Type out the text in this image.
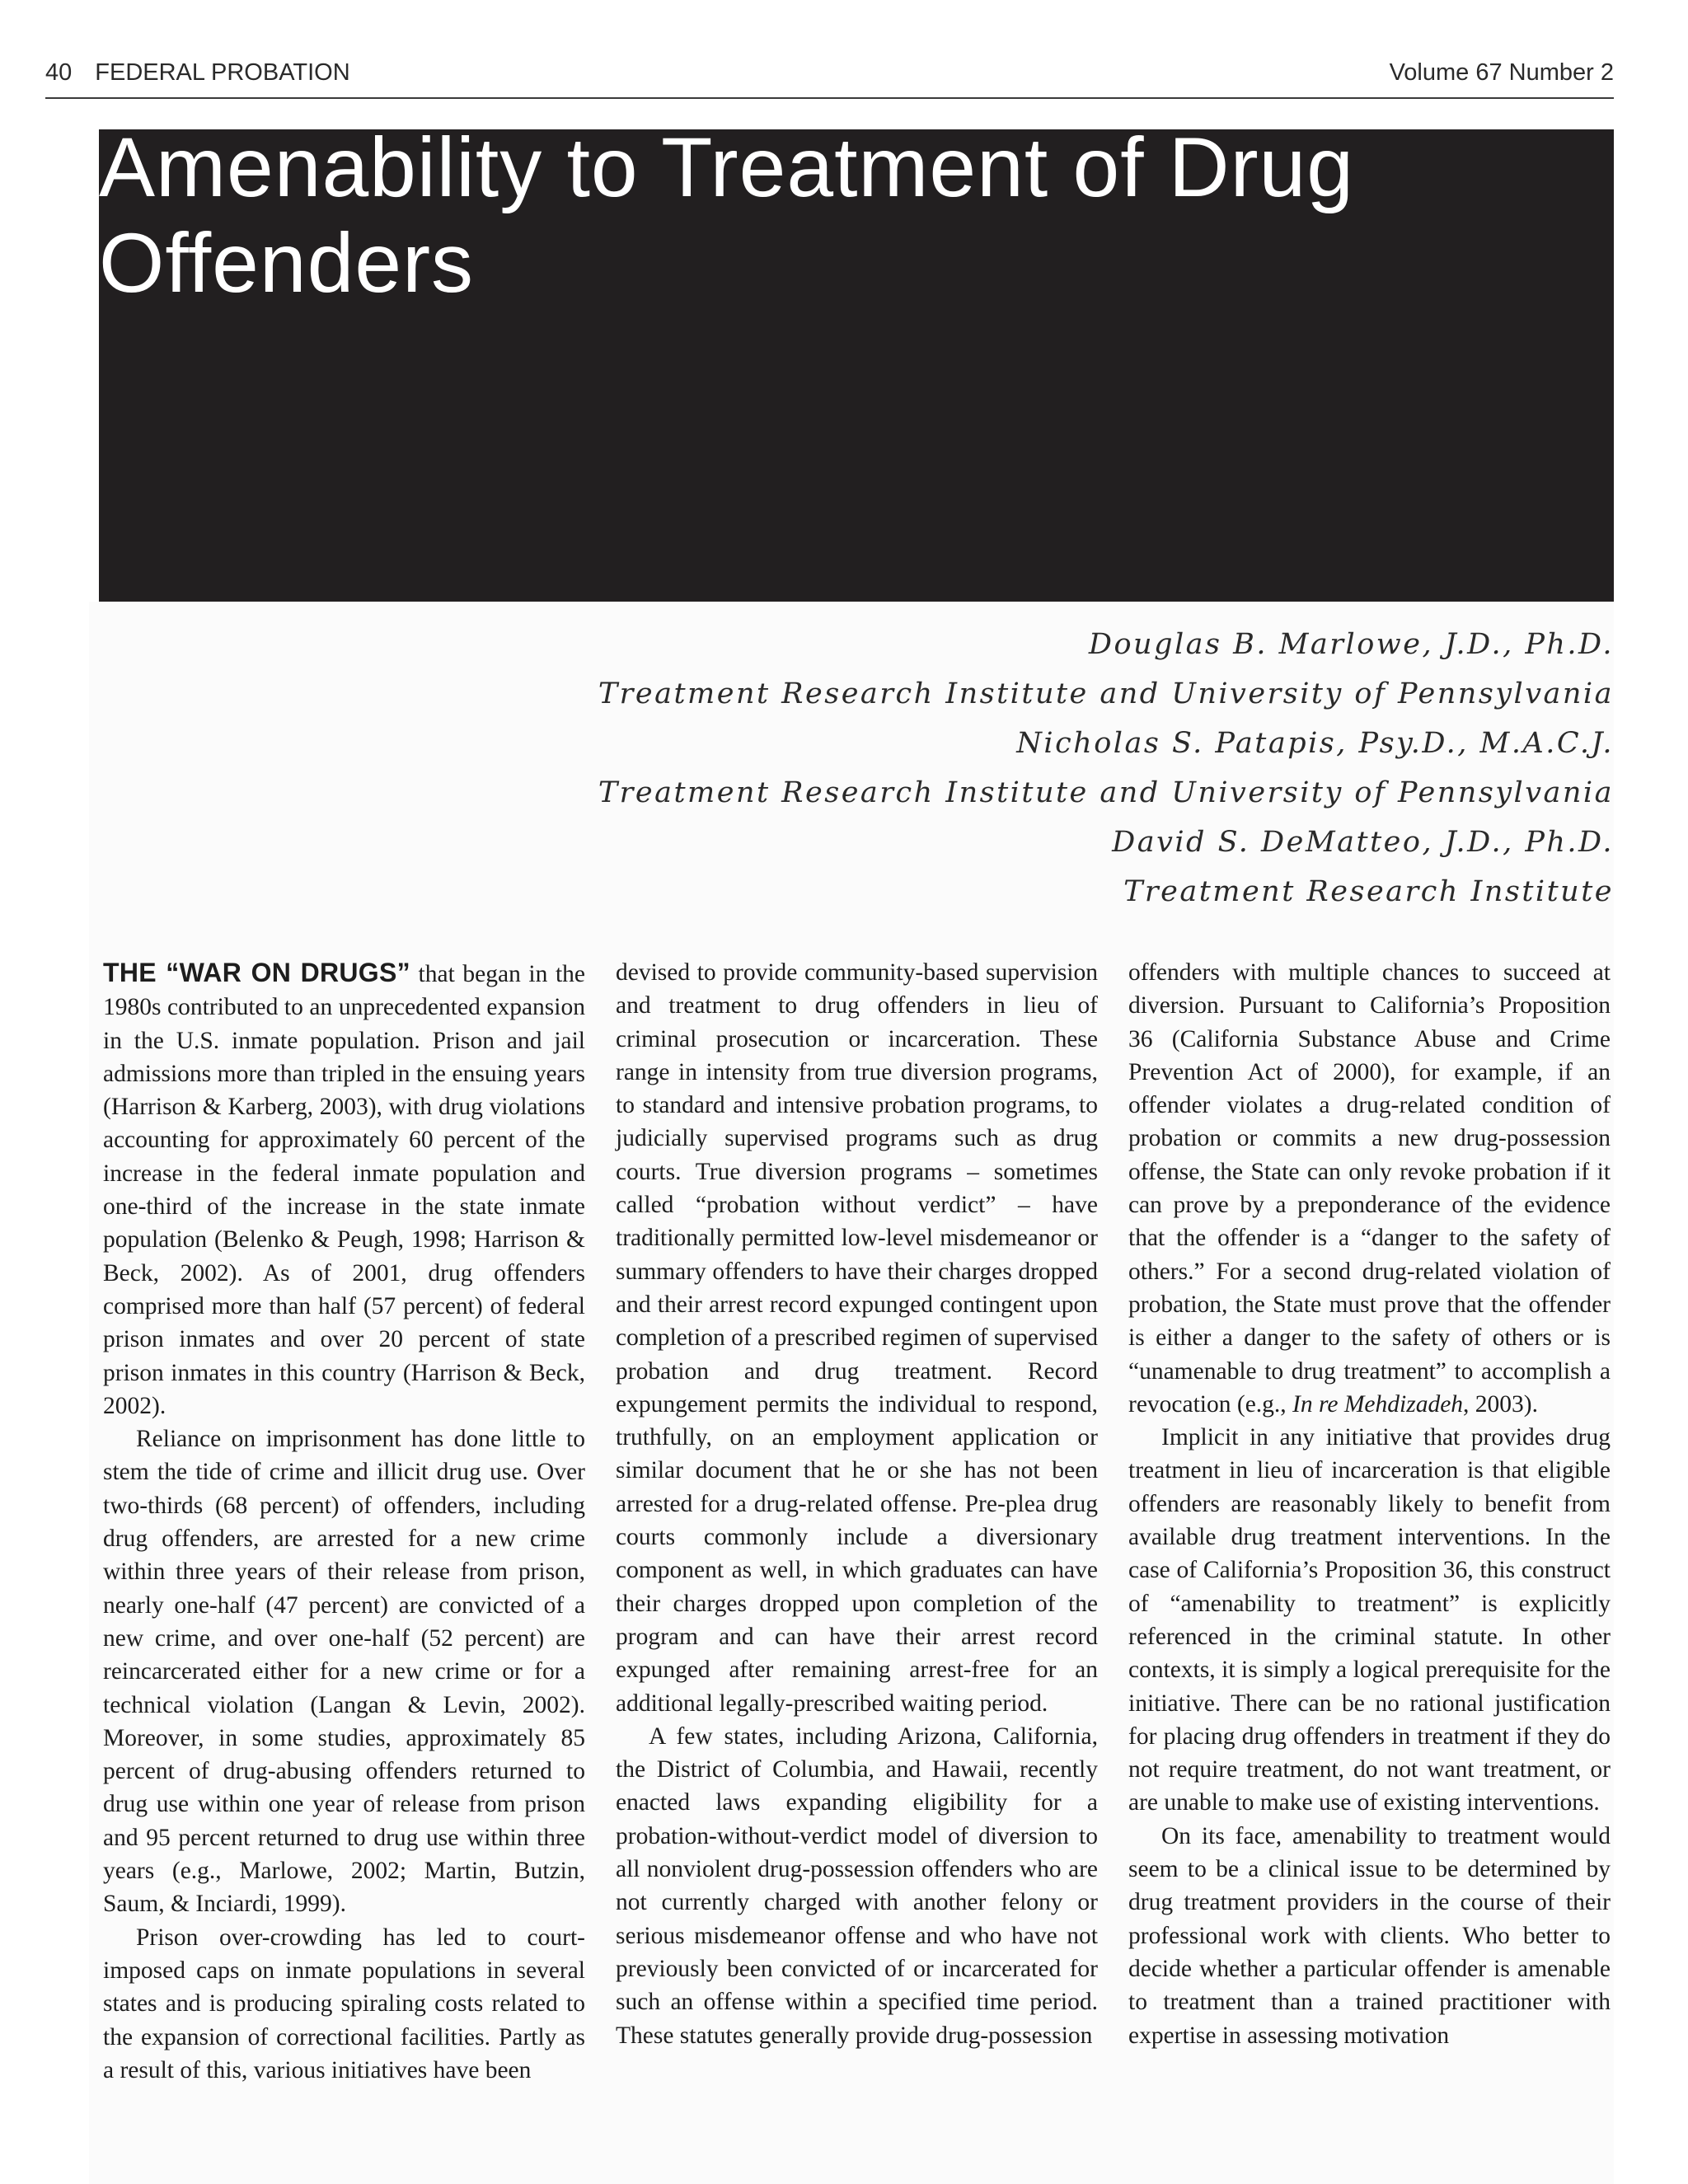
40 FEDERAL PROBATION	Volume 67 Number 2
Amenability to Treatment of Drug
Offenders
Douglas B. Marlowe, J.D., Ph.D.
Treatment Research Institute and University of Pennsylvania
Nicholas S. Patapis, Psy.D., M.A.C.J.
Treatment Research Institute and University of Pennsylvania
David S. DeMatteo, J.D., Ph.D.
Treatment Research Institute

THE “WAR ON DRUGS” that began in the 1980s contributed to an unprecedented expansion in the U.S. inmate population. Prison and jail admissions more than tripled in the ensuing years (Harrison & Karberg, 2003), with drug violations accounting for approximately 60 percent of the increase in the federal inmate population and one-third of the increase in the state inmate population (Belenko & Peugh, 1998; Harrison & Beck, 2002). As of 2001, drug offenders comprised more than half (57 percent) of federal prison inmates and over 20 percent of state prison inmates in this country (Harrison & Beck, 2002).

Reliance on imprisonment has done little to stem the tide of crime and illicit drug use. Over two-thirds (68 percent) of offenders, including drug offenders, are arrested for a new crime within three years of their release from prison, nearly one-half (47 percent) are convicted of a new crime, and over one-half (52 percent) are reincarcerated either for a new crime or for a technical violation (Langan & Levin, 2002). Moreover, in some studies, approximately 85 percent of drug-abusing offenders returned to drug use within one year of release from prison and 95 percent returned to drug use within three years (e.g., Marlowe, 2002; Martin, Butzin, Saum, & Inciardi, 1999).

Prison over-crowding has led to court-imposed caps on inmate populations in several states and is producing spiraling costs related to the expansion of correctional facilities. Partly as a result of this, various initiatives have been

devised to provide community-based supervision and treatment to drug offenders in lieu of criminal prosecution or incarceration. These range in intensity from true diversion programs, to standard and intensive probation programs, to judicially supervised programs such as drug courts. True diversion programs – sometimes called “probation without verdict” – have traditionally permitted low-level misdemeanor or summary offenders to have their charges dropped and their arrest record expunged contingent upon completion of a prescribed regimen of supervised probation and drug treatment. Record expungement permits the individual to respond, truthfully, on an employment application or similar document that he or she has not been arrested for a drug-related offense. Pre-plea drug courts commonly include a diversionary component as well, in which graduates can have their charges dropped upon completion of the program and can have their arrest record expunged after remaining arrest-free for an additional legally-prescribed waiting period.

A few states, including Arizona, California, the District of Columbia, and Hawaii, recently enacted laws expanding eligibility for a probation-without-verdict model of diversion to all nonviolent drug-possession offenders who are not currently charged with another felony or serious misdemeanor offense and who have not previously been convicted of or incarcerated for such an offense within a specified time period. These statutes generally provide drug-possession

offenders with multiple chances to succeed at diversion. Pursuant to California’s Proposition 36 (California Substance Abuse and Crime Prevention Act of 2000), for example, if an offender violates a drug-related condition of probation or commits a new drug-possession offense, the State can only revoke probation if it can prove by a preponderance of the evidence that the offender is a “danger to the safety of others.” For a second drug-related violation of probation, the State must prove that the offender is either a danger to the safety of others or is “unamenable to drug treatment” to accomplish a revocation (e.g., In re Mehdizadeh, 2003).

Implicit in any initiative that provides drug treatment in lieu of incarceration is that eligible offenders are reasonably likely to benefit from available drug treatment interventions. In the case of California’s Proposition 36, this construct of “amenability to treatment” is explicitly referenced in the criminal statute. In other contexts, it is simply a logical prerequisite for the initiative. There can be no rational justification for placing drug offenders in treatment if they do not require treatment, do not want treatment, or are unable to make use of existing interventions.

On its face, amenability to treatment would seem to be a clinical issue to be determined by drug treatment providers in the course of their professional work with clients. Who better to decide whether a particular offender is amenable to treatment than a trained practitioner with expertise in assessing motivation
